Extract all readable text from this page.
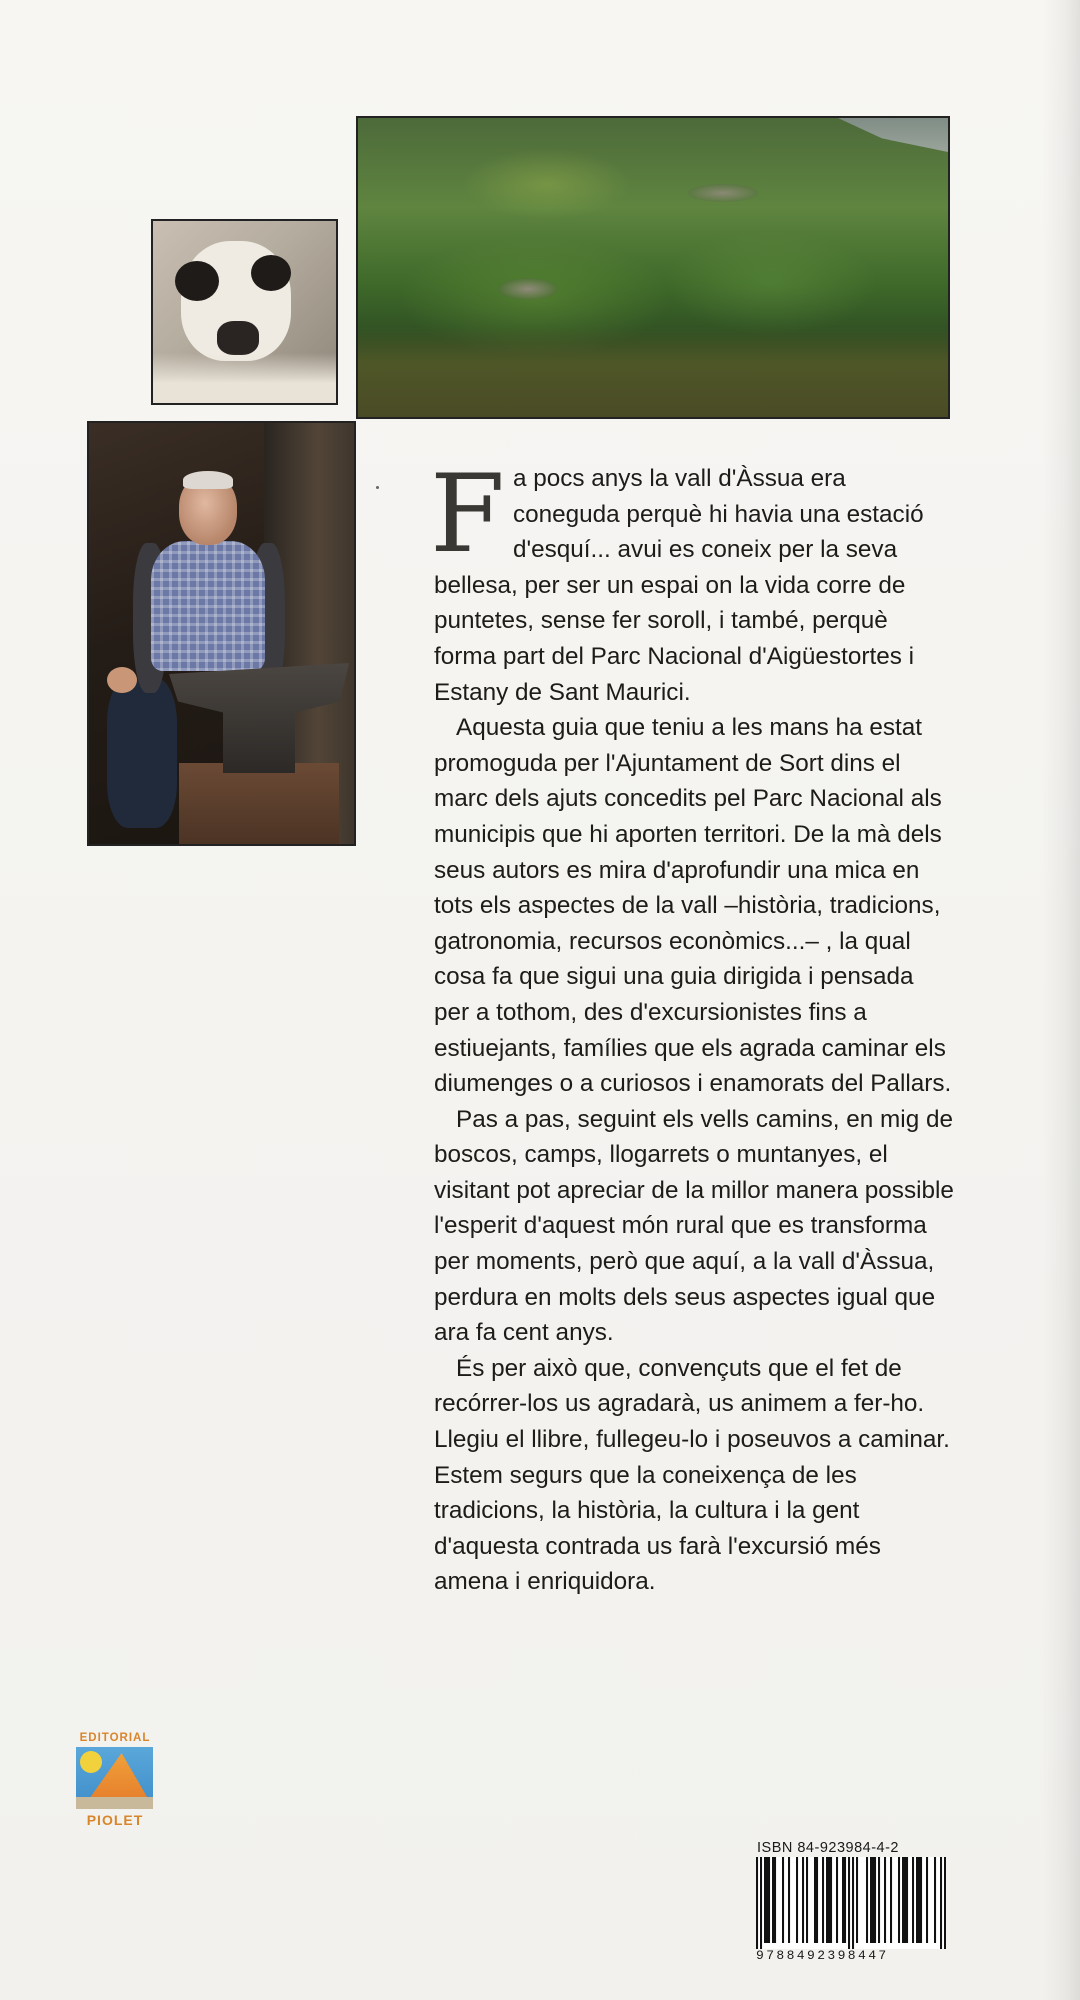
Fa pocs anys la vall d'Àssua era coneguda perquè hi havia una estació d'esquí... avui es coneix per la seva bellesa, per ser un espai on la vida corre de puntetes, sense fer soroll, i també, perquè forma part del Parc Nacional d'Aigüestortes i Estany de Sant Maurici.

Aquesta guia que teniu a les mans ha estat promoguda per l'Ajuntament de Sort dins el marc dels ajuts concedits pel Parc Nacional als municipis que hi aporten territori. De la mà dels seus autors es mira d'aprofundir una mica en tots els aspectes de la vall –història, tradicions, gatronomia, recursos econòmics...– , la qual cosa fa que sigui una guia dirigida i pensada per a tothom, des d'excursionistes fins a estiuejants, famílies que els agrada caminar els diumenges o a curiosos i enamorats del Pallars.

Pas a pas, seguint els vells camins, en mig de boscos, camps, llogarrets o muntanyes, el visitant pot apreciar de la millor manera possible l'esperit d'aquest món rural que es transforma per moments, però que aquí, a la vall d'Àssua, perdura en molts dels seus aspectes igual que ara fa cent anys.

És per això que, convençuts que el fet de recórrer-los us agradarà, us animem a fer-ho. Llegiu el llibre, fullegeu-lo i poseuvos a caminar. Estem segurs que la coneixença de les tradicions, la història, la cultura i la gent d'aquesta contrada us farà l'excursió més amena i enriquidora.

EDITORIAL
PIOLET
ISBN 84-923984-4-2
9788492398447
